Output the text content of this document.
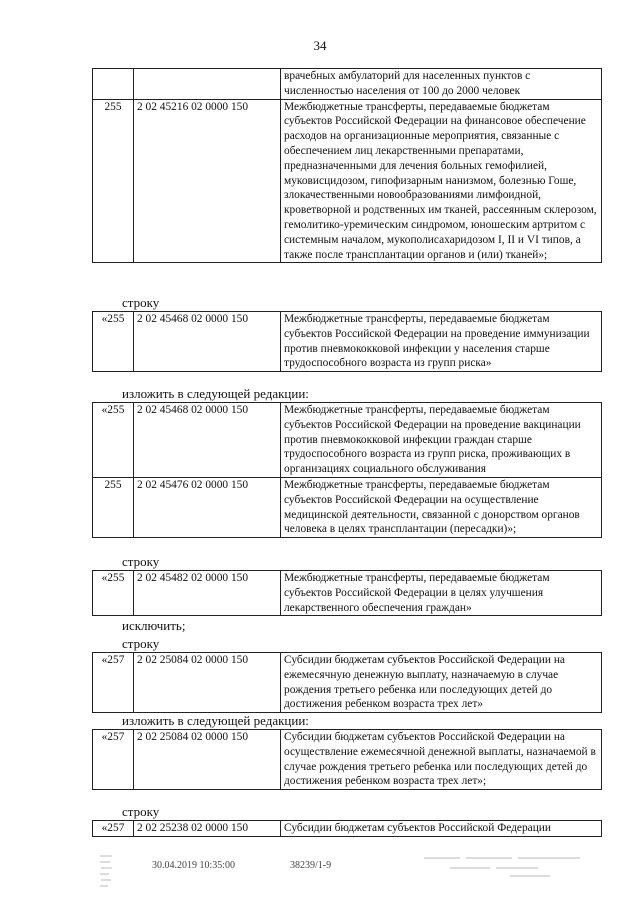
34
		врачебных амбулаторий для населенных пунктов с численностью населения от 100 до 2000 человек
255	2 02 45216 02 0000 150	Межбюджетные трансферты, передаваемые бюджетам субъектов Российской Федерации на финансовое обеспечение расходов на организационные мероприятия, связанные с обеспечением лиц лекарственными препаратами, предназначенными для лечения больных гемофилией, муковисцидозом, гипофизарным нанизмом, болезнью Гоше, злокачественными новообразованиями лимфоидной, кроветворной и родственных им тканей, рассеянным склерозом, гемолитико-уремическим синдромом, юношеским артритом с системным началом, мукополисахаридозом I, II и VI типов, а также после трансплантации органов и (или) тканей»;
строку
«255	2 02 45468 02 0000 150	Межбюджетные трансферты, передаваемые бюджетам субъектов Российской Федерации на проведение иммунизации против пневмококковой инфекции у населения старше трудоспособного возраста из групп риска»
изложить в следующей редакции:
«255	2 02 45468 02 0000 150	Межбюджетные трансферты, передаваемые бюджетам субъектов Российской Федерации на проведение вакцинации против пневмококковой инфекции граждан старше трудоспособного возраста из групп риска, проживающих в организациях социального обслуживания
255	2 02 45476 02 0000 150	Межбюджетные трансферты, передаваемые бюджетам субъектов Российской Федерации на осуществление медицинской деятельности, связанной с донорством органов человека в целях трансплантации (пересадки)»;
строку
«255	2 02 45482 02 0000 150	Межбюджетные трансферты, передаваемые бюджетам субъектов Российской Федерации в целях улучшения лекарственного обеспечения граждан»
исключить;
строку
«257	2 02 25084 02 0000 150	Субсидии бюджетам субъектов Российской Федерации на ежемесячную денежную выплату, назначаемую в случае рождения третьего ребенка или последующих детей до достижения ребенком возраста трех лет»
изложить в следующей редакции:
«257	2 02 25084 02 0000 150	Субсидии бюджетам субъектов Российской Федерации на осуществление ежемесячной денежной выплаты, назначаемой в случае рождения третьего ребенка или последующих детей до достижения ребенком возраста трех лет»;
строку
«257	2 02 25238 02 0000 150	Субсидии бюджетам субъектов Российской Федерации
30.04.2019 10:35:00	38239/1-9
